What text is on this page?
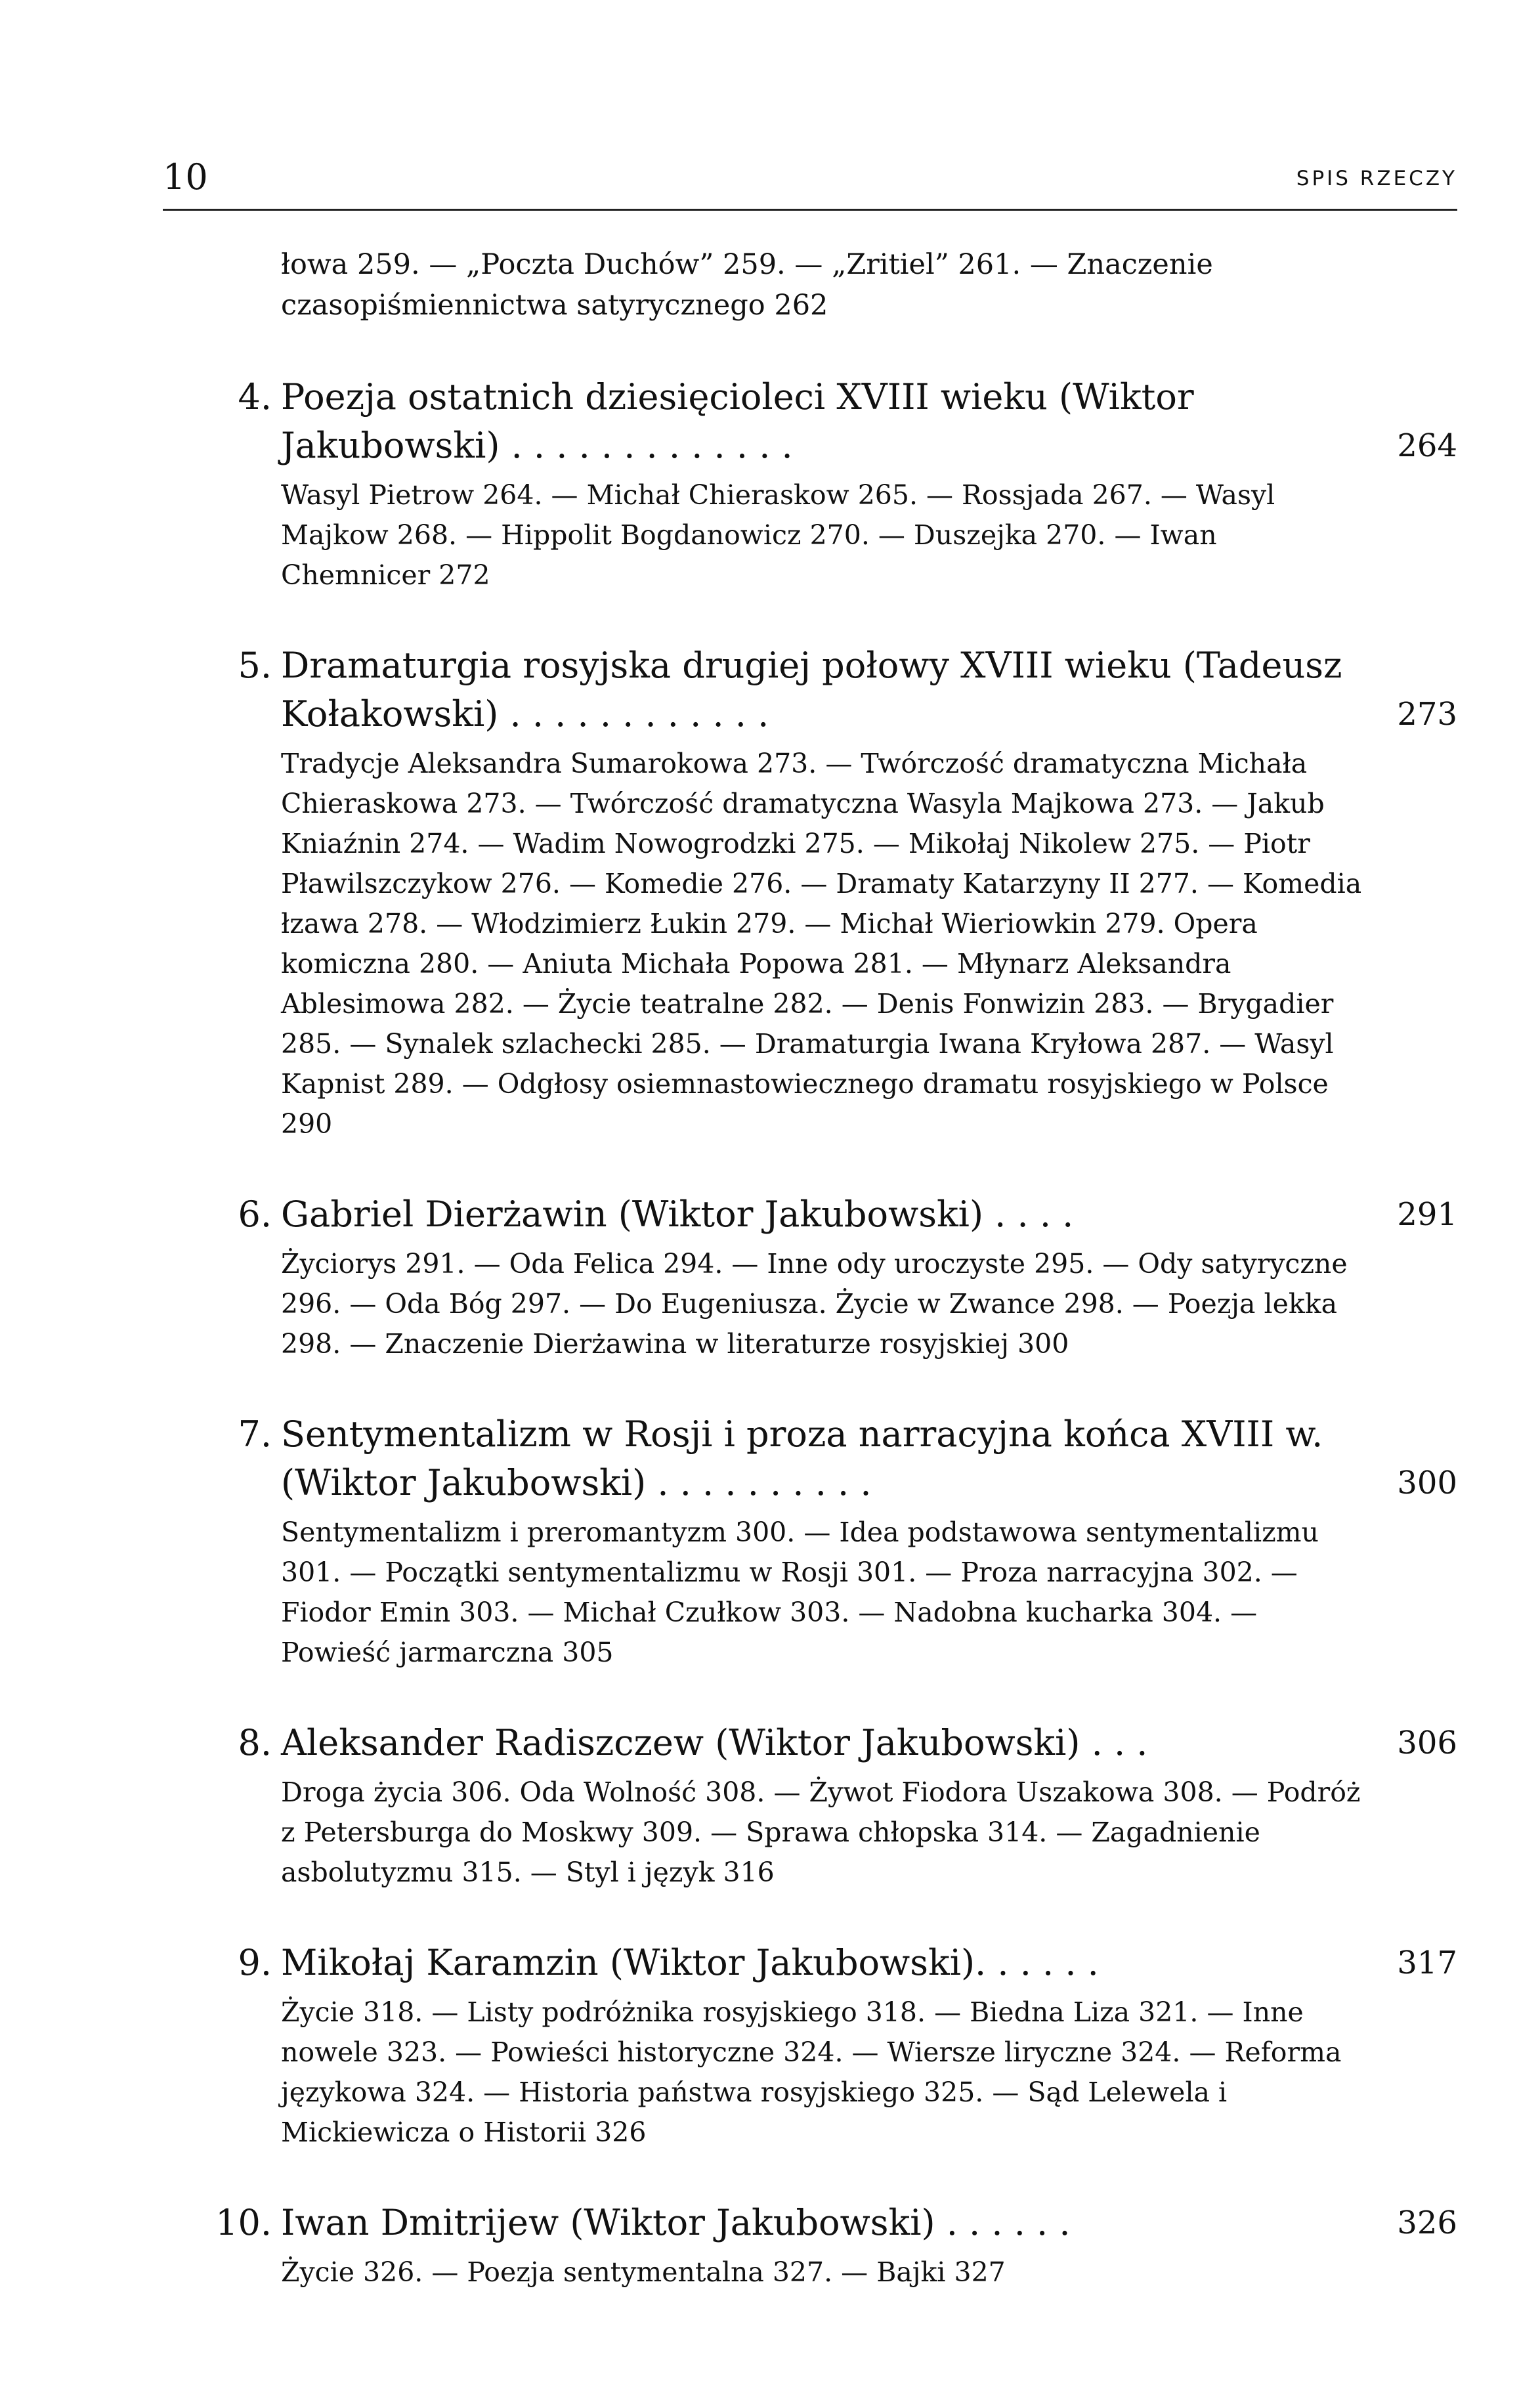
10	SPIS RZECZY
łowa 259. — „Poczta Duchów” 259. — „Zritiel” 261. — Znaczenie czasopiśmiennictwa satyrycznego 262
4. Poezja ostatnich dziesięcioleci XVIII wieku (Wiktor Jakubowski) . . . . . . . . . . . . .	264
Wasyl Pietrow 264. — Michał Chieraskow 265. — Rossjada 267. — Wasyl Majkow 268. — Hippolit Bogdanowicz 270. — Duszejka 270. — Iwan Chemnicer 272
5. Dramaturgia rosyjska drugiej połowy XVIII wieku (Tadeusz Kołakowski) . . . . . . . . . . . .	273
Tradycje Aleksandra Sumarokowa 273. — Twórczość dramatyczna Michała Chieraskowa 273. — Twórczość dramatyczna Wasyla Majkowa 273. — Jakub Kniaźnin 274. — Wadim Nowogrodzki 275. — Mikołaj Nikolew 275. — Piotr Pławilszczykow 276. — Komedie 276. — Dramaty Katarzyny II 277. — Komedia łzawa 278. — Włodzimierz Łukin 279. — Michał Wieriowkin 279. Opera komiczna 280. — Aniuta Michała Popowa 281. — Młynarz Aleksandra Ablesimowa 282. — Życie teatralne 282. — Denis Fonwizin 283. — Brygadier 285. — Synalek szlachecki 285. — Dramaturgia Iwana Kryłowa 287. — Wasyl Kapnist 289. — Odgłosy osiemnastowiecznego dramatu rosyjskiego w Polsce 290
6. Gabriel Dierżawin (Wiktor Jakubowski) . . . .	291
Życiorys 291. — Oda Felica 294. — Inne ody uroczyste 295. — Ody satyryczne 296. — Oda Bóg 297. — Do Eugeniusza. Życie w Zwance 298. — Poezja lekka 298. — Znaczenie Dierżawina w literaturze rosyjskiej 300
7. Sentymentalizm w Rosji i proza narracyjna końca XVIII w. (Wiktor Jakubowski) . . . . . . . . . .	300
Sentymentalizm i preromantyzm 300. — Idea podstawowa sentymentalizmu 301. — Początki sentymentalizmu w Rosji 301. — Proza narracyjna 302. — Fiodor Emin 303. — Michał Czułkow 303. — Nadobna kucharka 304. — Powieść jarmarczna 305
8. Aleksander Radiszczew (Wiktor Jakubowski) . . .	306
Droga życia 306. Oda Wolność 308. — Żywot Fiodora Uszakowa 308. — Podróż z Petersburga do Moskwy 309. — Sprawa chłopska 314. — Zagadnienie asbolutyzmu 315. — Styl i język 316
9. Mikołaj Karamzin (Wiktor Jakubowski). . . . . .	317
Życie 318. — Listy podróżnika rosyjskiego 318. — Biedna Liza 321. — Inne nowele 323. — Powieści historyczne 324. — Wiersze liryczne 324. — Reforma językowa 324. — Historia państwa rosyjskiego 325. — Sąd Lelewela i Mickiewicza o Historii 326
10. Iwan Dmitrijew (Wiktor Jakubowski) . . . . . .	326
Życie 326. — Poezja sentymentalna 327. — Bajki 327
